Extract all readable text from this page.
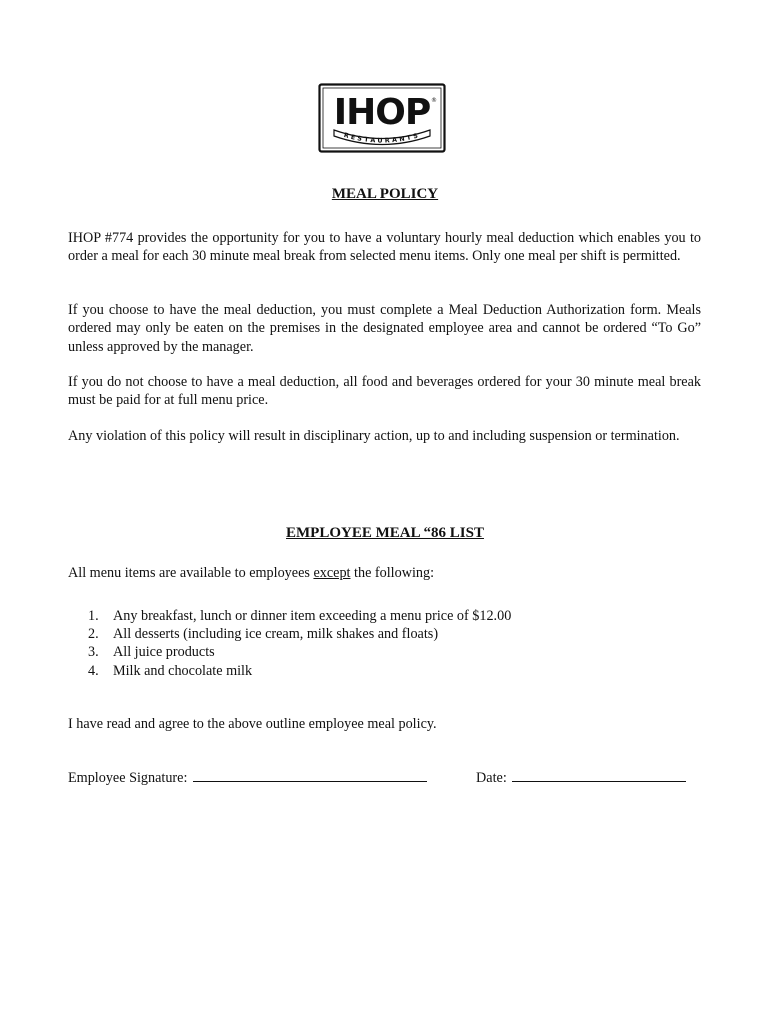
IHOP ®
RESTAURANTS
MEAL POLICY

IHOP #774 provides the opportunity for you to have a voluntary hourly meal deduction which enables you to order a meal for each 30 minute meal break from selected menu items. Only one meal per shift is permitted.

If you choose to have the meal deduction, you must complete a Meal Deduction Authorization form. Meals ordered may only be eaten on the premises in the designated employee area and cannot be ordered “To Go” unless approved by the manager.

If you do not choose to have a meal deduction, all food and beverages ordered for your 30 minute meal break must be paid for at full menu price.

Any violation of this policy will result in disciplinary action, up to and including suspension or termination.

EMPLOYEE MEAL “86 LIST
All menu items are available to employees except the following:
1.	Any breakfast, lunch or dinner item exceeding a menu price of $12.00
2.	All desserts (including ice cream, milk shakes and floats)
3.	All juice products
4.	Milk and chocolate milk
I have read and agree to the above outline employee meal policy.
Employee Signature:	Date:
